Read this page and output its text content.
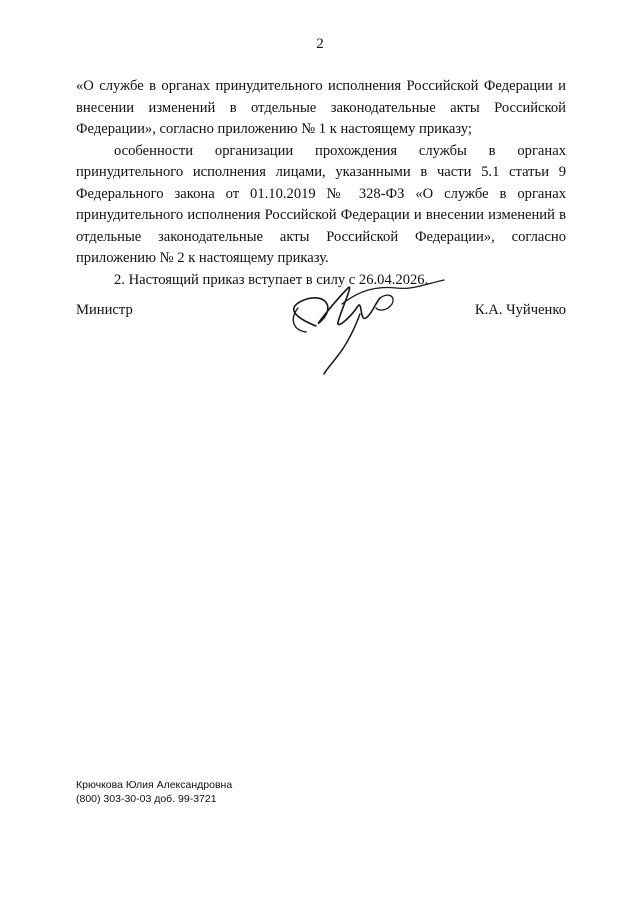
2

«О службе в органах принудительного исполнения Российской Федерации и внесении изменений в отдельные законодательные акты Российской Федерации», согласно приложению № 1 к настоящему приказу;

особенности организации прохождения службы в органах принудительного исполнения лицами, указанными в части 5.1 статьи 9 Федерального закона от 01.10.2019 № 328-ФЗ «О службе в органах принудительного исполнения Российской Федерации и внесении изменений в отдельные законодательные акты Российской Федерации», согласно приложению № 2 к настоящему приказу.

2. Настоящий приказ вступает в силу с 26.04.2026.

Министр	К.А. Чуйченко
Крючкова Юлия Александровна
(800) 303-30-03 доб. 99-3721
